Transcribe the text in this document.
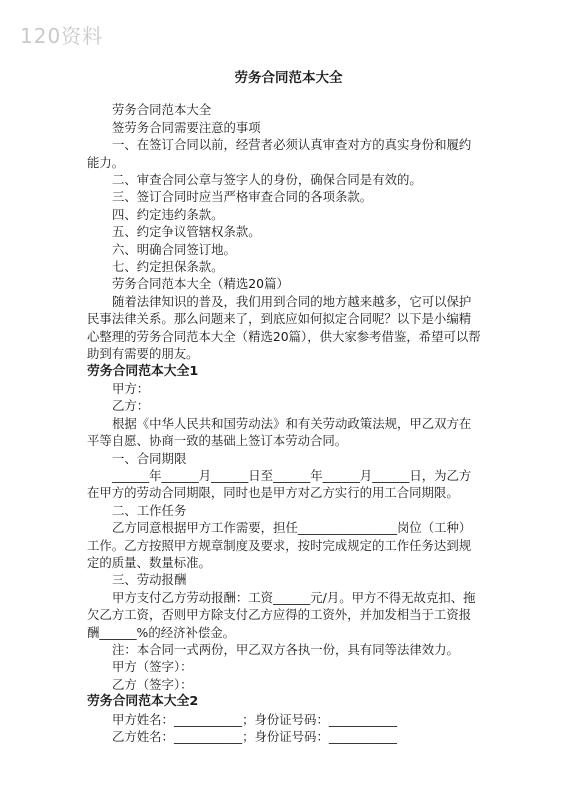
120资料
劳务合同范本大全

劳务合同范本大全

签劳务合同需要注意的事项

一、在签订合同以前，经营者必须认真审查对方的真实身份和履约能力。

二、审查合同公章与签字人的身份，确保合同是有效的。

三、签订合同时应当严格审查合同的各项条款。

四、约定违约条款。

五、约定争议管辖权条款。

六、明确合同签订地。

七、约定担保条款。

劳务合同范本大全（精选20篇）

随着法律知识的普及，我们用到合同的地方越来越多，它可以保护民事法律关系。那么问题来了，到底应如何拟定合同呢？以下是小编精心整理的劳务合同范本大全（精选20篇），供大家参考借鉴，希望可以帮助到有需要的朋友。

劳务合同范本大全1

甲方：

乙方：

根据《中华人民共和国劳动法》和有关劳动政策法规，甲乙双方在平等自愿、协商一致的基础上签订本劳动合同。

一、合同期限

______年______月______日至______年______月______日，为乙方在甲方的劳动合同期限，同时也是甲方对乙方实行的用工合同期限。

二、工作任务

乙方同意根据甲方工作需要，担任________________岗位（工种）工作。乙方按照甲方规章制度及要求，按时完成规定的工作任务达到规定的质量、数量标准。

三、劳动报酬

甲方支付乙方劳动报酬：工资______元/月。甲方不得无故克扣、拖欠乙方工资，否则甲方除支付乙方应得的工资外，并加发相当于工资报酬______%的经济补偿金。

注：本合同一式两份，甲乙双方各执一份，具有同等法律效力。

甲方（签字）：

乙方（签字）：

劳务合同范本大全2

甲方姓名：___________；身份证号码：___________

乙方姓名：___________；身份证号码：___________
